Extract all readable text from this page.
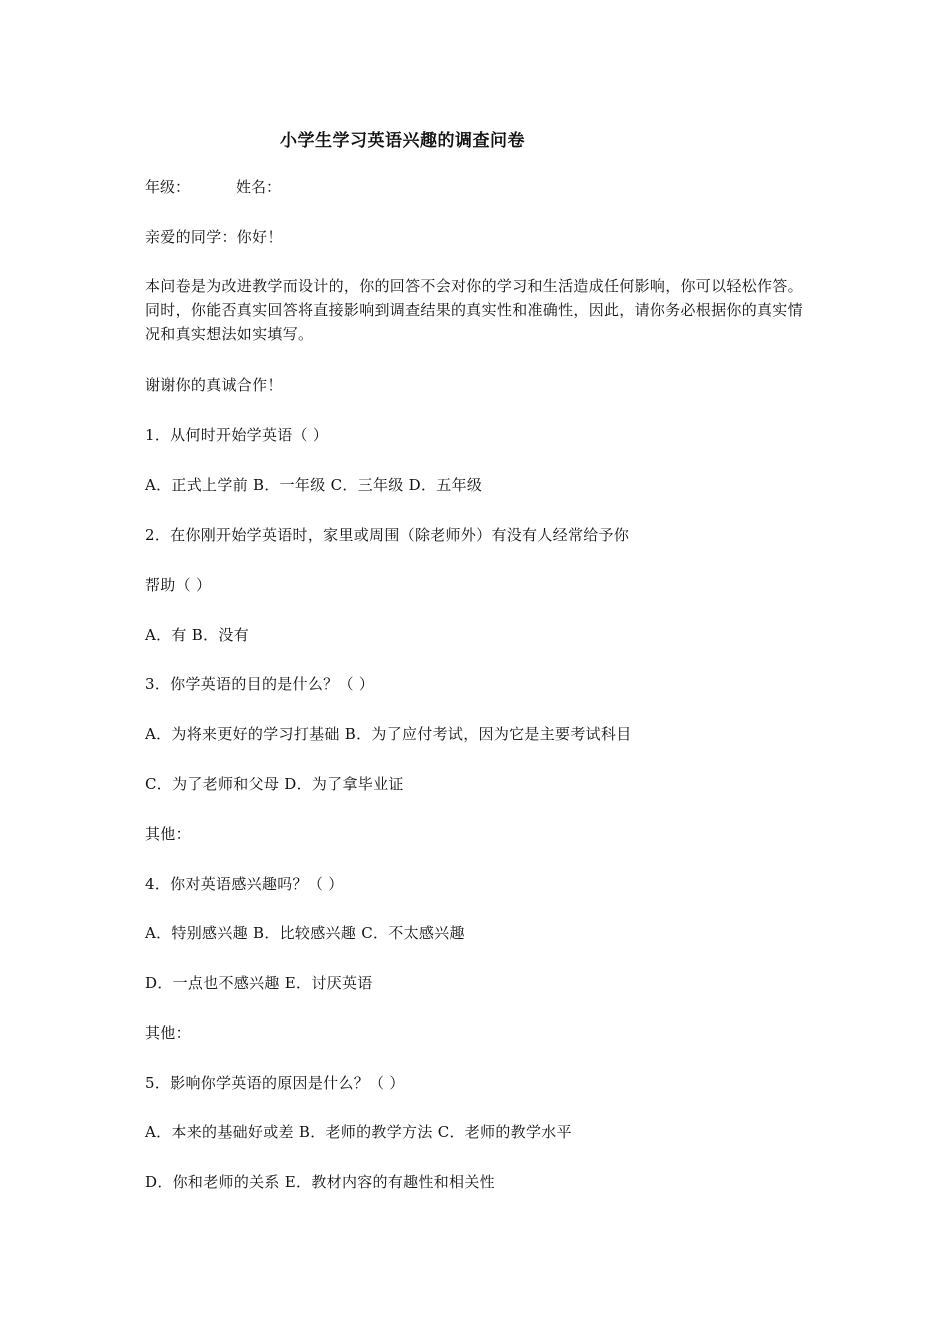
小学生学习英语兴趣的调查问卷
年级：	姓名：
亲爱的同学：你好！
本问卷是为改进教学而设计的，你的回答不会对你的学习和生活造成任何影响，你可以轻松作答。同时，你能否真实回答将直接影响到调查结果的真实性和准确性，因此，请你务必根据你的真实情况和真实想法如实填写。
谢谢你的真诚合作！
1．从何时开始学英语（ ）
A．正式上学前 B．一年级 C．三年级 D．五年级
2．在你刚开始学英语时，家里或周围（除老师外）有没有人经常给予你
帮助（ ）
A．有 B．没有
3．你学英语的目的是什么？（ ）
A．为将来更好的学习打基础 B．为了应付考试，因为它是主要考试科目
C．为了老师和父母 D．为了拿毕业证
其他：
4．你对英语感兴趣吗？（ ）
A．特别感兴趣 B．比较感兴趣 C．不太感兴趣
D．一点也不感兴趣 E．讨厌英语
其他：
5．影响你学英语的原因是什么？（ ）
A．本来的基础好或差 B．老师的教学方法 C．老师的教学水平
D．你和老师的关系 E．教材内容的有趣性和相关性
